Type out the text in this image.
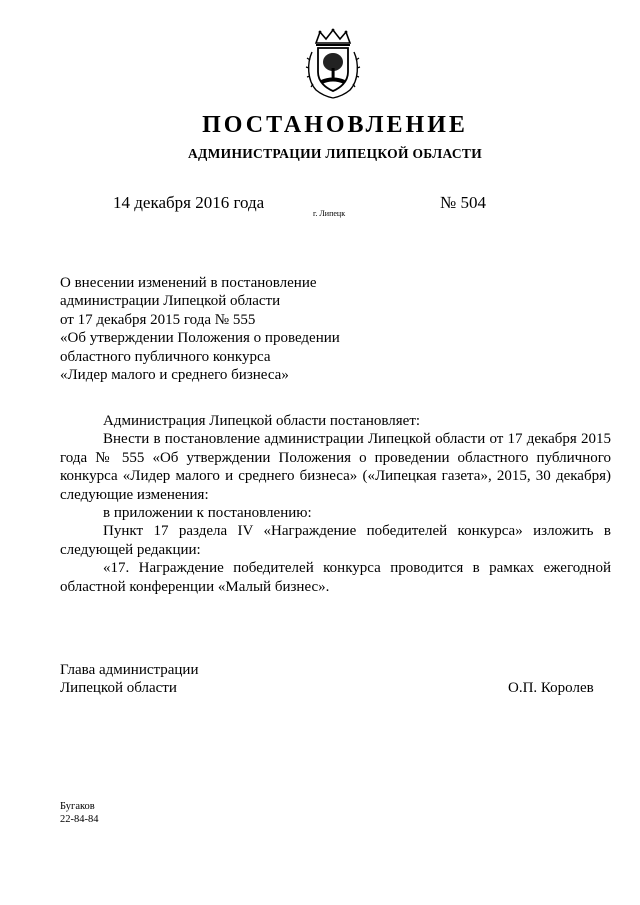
ПОСТАНОВЛЕНИЕ
АДМИНИСТРАЦИИ ЛИПЕЦКОЙ ОБЛАСТИ
14 декабря 2016 года
г. Липецк
№ 504
О внесении изменений в постановление
администрации Липецкой области
от 17 декабря 2015 года № 555
«Об утверждении Положения о проведении
областного публичного конкурса
«Лидер малого и среднего бизнеса»

Администрация Липецкой области постановляет:

Внести в постановление администрации Липецкой области от 17 декабря 2015 года № 555 «Об утверждении Положения о проведении областного публичного конкурса «Лидер малого и среднего бизнеса» («Липецкая газета», 2015, 30 декабря) следующие изменения:

в приложении к постановлению:

Пункт 17 раздела IV «Награждение победителей конкурса» изложить в следующей редакции:

«17. Награждение победителей конкурса проводится в рамках ежегодной областной конференции «Малый бизнес».

Глава администрации
Липецкой области	О.П. Королев
Бугаков
22-84-84
